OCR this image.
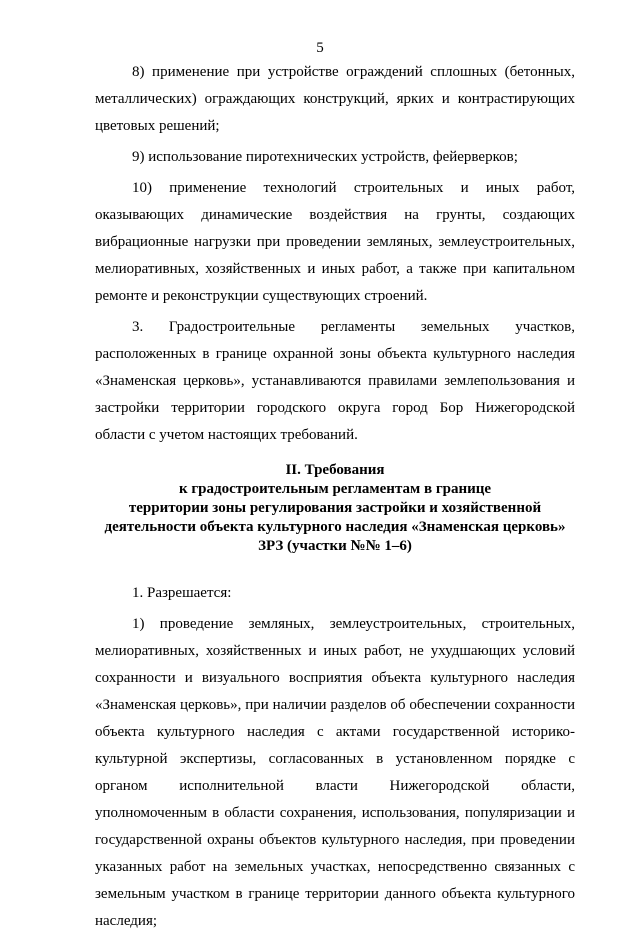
5

8) применение при устройстве ограждений сплошных (бетонных, металлических) ограждающих конструкций, ярких и контрастирующих цветовых решений;

9) использование пиротехнических устройств, фейерверков;

10) применение технологий строительных и иных работ, оказывающих динамические воздействия на грунты, создающих вибрационные нагрузки при проведении земляных, землеустроительных, мелиоративных, хозяйственных и иных работ, а также при капитальном ремонте и реконструкции существующих строений.

3. Градостроительные регламенты земельных участков, расположенных в границе охранной зоны объекта культурного наследия «Знаменская церковь», устанавливаются правилами землепользования и застройки территории городского округа город Бор Нижегородской области с учетом настоящих требований.

II. Требования
к градостроительным регламентам в границе
территории зоны регулирования застройки и хозяйственной
деятельности объекта культурного наследия «Знаменская церковь»
ЗРЗ (участки №№ 1–6)

1. Разрешается:

1) проведение земляных, землеустроительных, строительных, мелиоративных, хозяйственных и иных работ, не ухудшающих условий сохранности и визуального восприятия объекта культурного наследия «Знаменская церковь», при наличии разделов об обеспечении сохранности объекта культурного наследия с актами государственной историко-культурной экспертизы, согласованных в установленном порядке с органом исполнительной власти Нижегородской области, уполномоченным в области сохранения, использования, популяризации и государственной охраны объектов культурного наследия, при проведении указанных работ на земельных участках, непосредственно связанных с земельным участком в границе территории данного объекта культурного наследия;
